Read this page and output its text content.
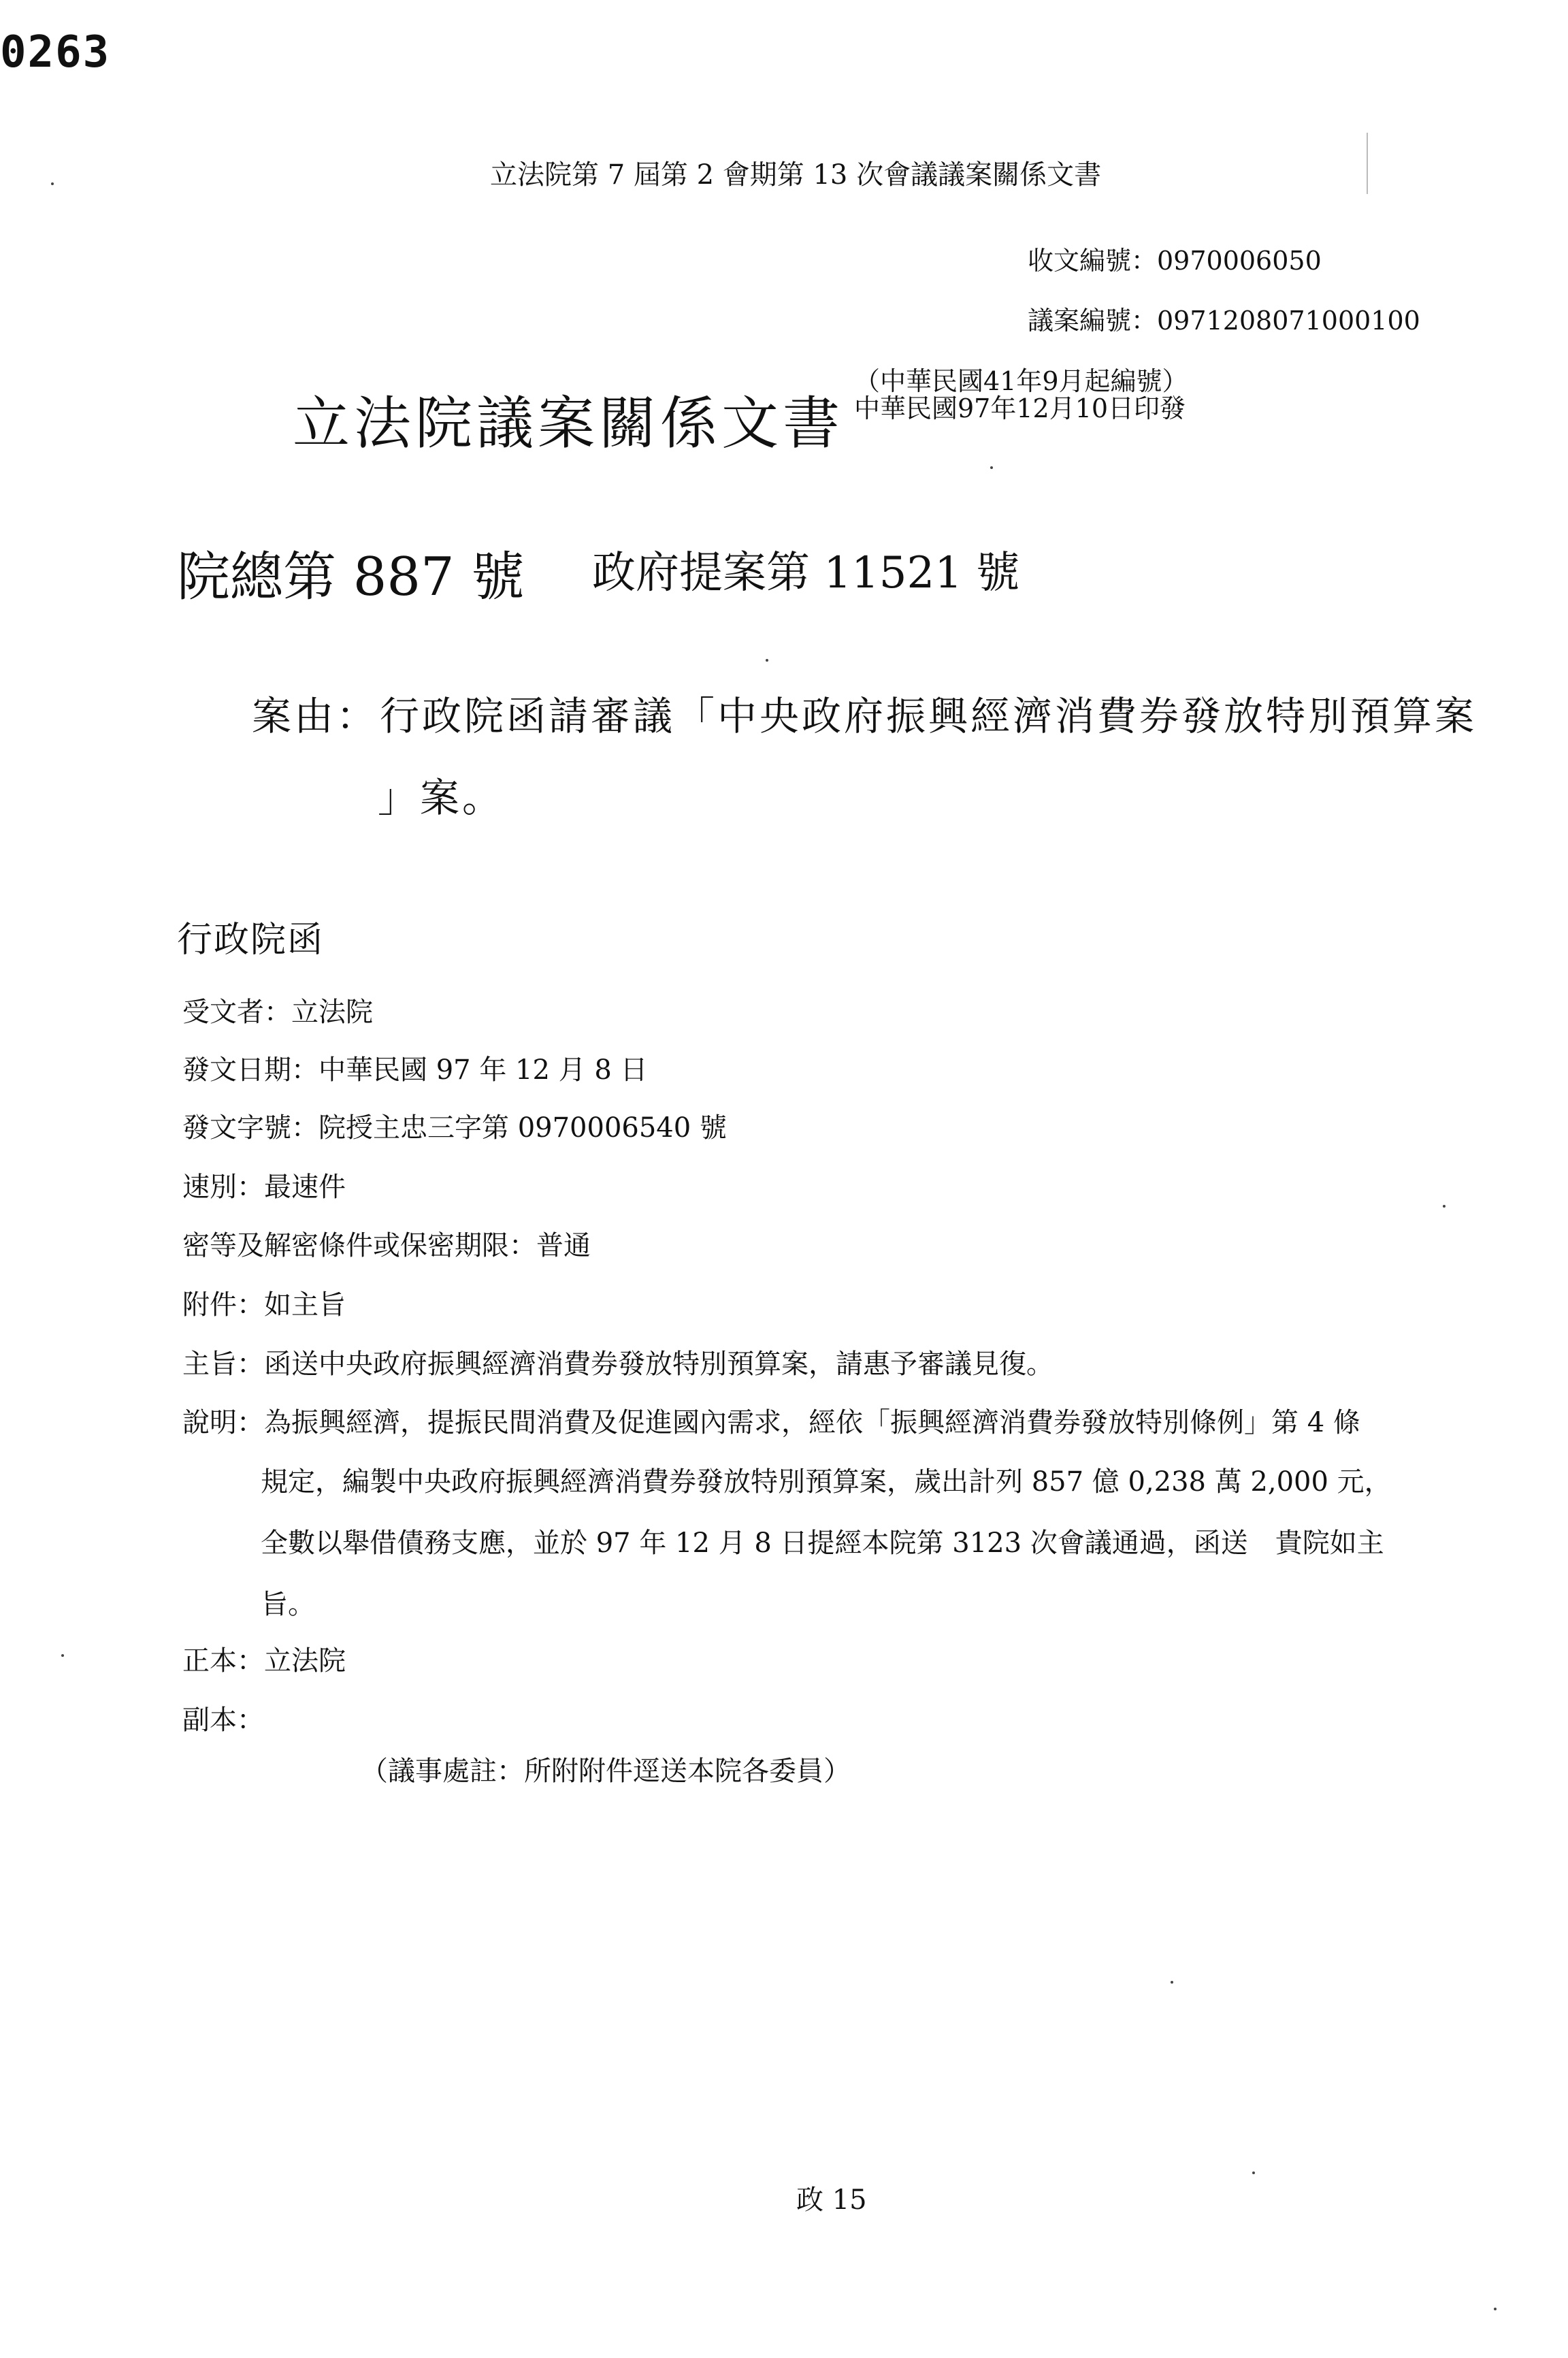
0263
立法院第 7 屆第 2 會期第 13 次會議議案關係文書
收文編號：0970006050
議案編號：0971208071000100
立法院議案關係文書
（中華民國41年9月起編號）
中華民國97年12月10日印發
院總第 887 號 政府提案第 11521 號
案由： 行政院函請審議「中央政府振興經濟消費券發放特別預算案
」案。
行政院函
受文者：立法院
發文日期：中華民國 97 年 12 月 8 日
發文字號：院授主忠三字第 0970006540 號
速別：最速件
密等及解密條件或保密期限：普通
附件：如主旨
主旨：函送中央政府振興經濟消費券發放特別預算案，請惠予審議見復。
說明：為振興經濟，提振民間消費及促進國內需求，經依「振興經濟消費券發放特別條例」第 4 條
規定，編製中央政府振興經濟消費券發放特別預算案，歲出計列 857 億 0,238 萬 2,000 元，
全數以舉借債務支應，並於 97 年 12 月 8 日提經本院第 3123 次會議通過，函送　貴院如主
旨。
正本：立法院
副本：
（議事處註：所附附件逕送本院各委員）
政 15
